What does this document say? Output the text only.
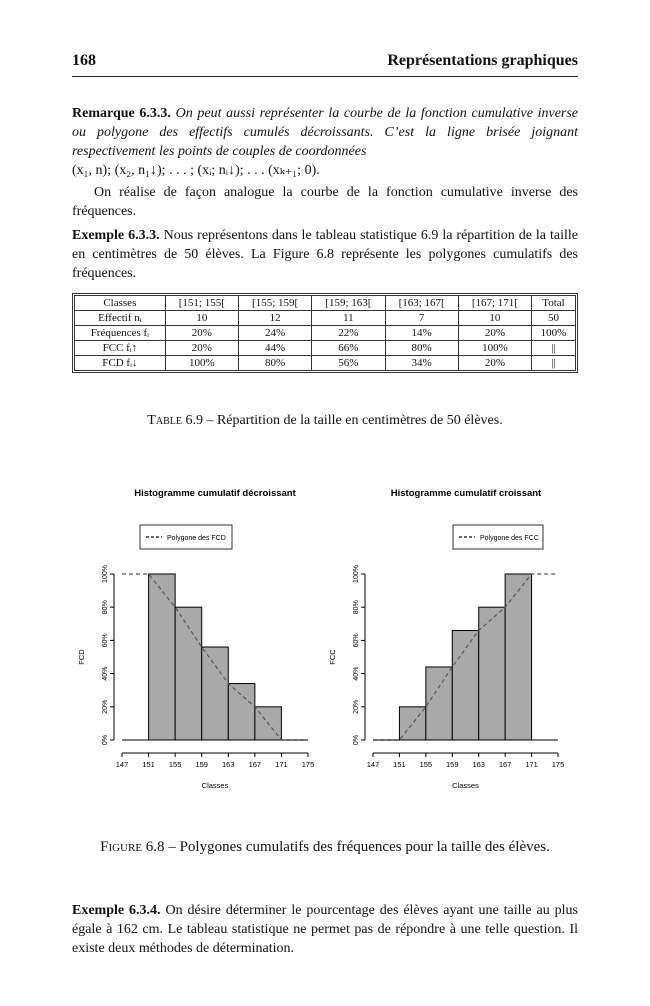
168	Représentations graphiques
Remarque 6.3.3. On peut aussi représenter la courbe de la fonction cumulative inverse ou polygone des effectifs cumulés décroissants. C’est la ligne brisée joignant respectivement les points de couples de coordonnées
(x₁, n); (x₂, n₁↓); . . . ; (xᵢ; nᵢ↓); . . . (xₖ₊₁; 0).
On réalise de façon analogue la courbe de la fonction cumulative inverse des fréquences.
Exemple 6.3.3. Nous représentons dans le tableau statistique 6.9 la répartition de la taille en centimètres de 50 élèves. La Figure 6.8 représente les polygones cumulatifs des fréquences.
Classes	[151; 155[	[155; 159[	[159; 163[	[163; 167[	[167; 171[	Total
Effectif nᵢ	10	12	11	7	10	50
Fréquences fᵢ	20%	24%	22%	14%	20%	100%
FCC fᵢ↑	20%	44%	66%	80%	100%	||
FCD fᵢ↓	100%	80%	56%	34%	20%	||
Table 6.9 – Répartition de la taille en centimètres de 50 élèves.
Histogramme cumulatif décroissant
0%
20%
40%
60%
80%
100%
FCD
147 151 155 159 163 167 171 175
Classes
Polygone des FCD
Histogramme cumulatif croissant
0%
20%
40%
60%
80%
100%
FCC
147 151 155 159 163 167 171 175
Classes
Polygone des FCC
Figure 6.8 – Polygones cumulatifs des fréquences pour la taille des élèves.
Exemple 6.3.4. On désire déterminer le pourcentage des élèves ayant une taille au plus égale à 162 cm. Le tableau statistique ne permet pas de répondre à une telle question. Il existe deux méthodes de détermination.
